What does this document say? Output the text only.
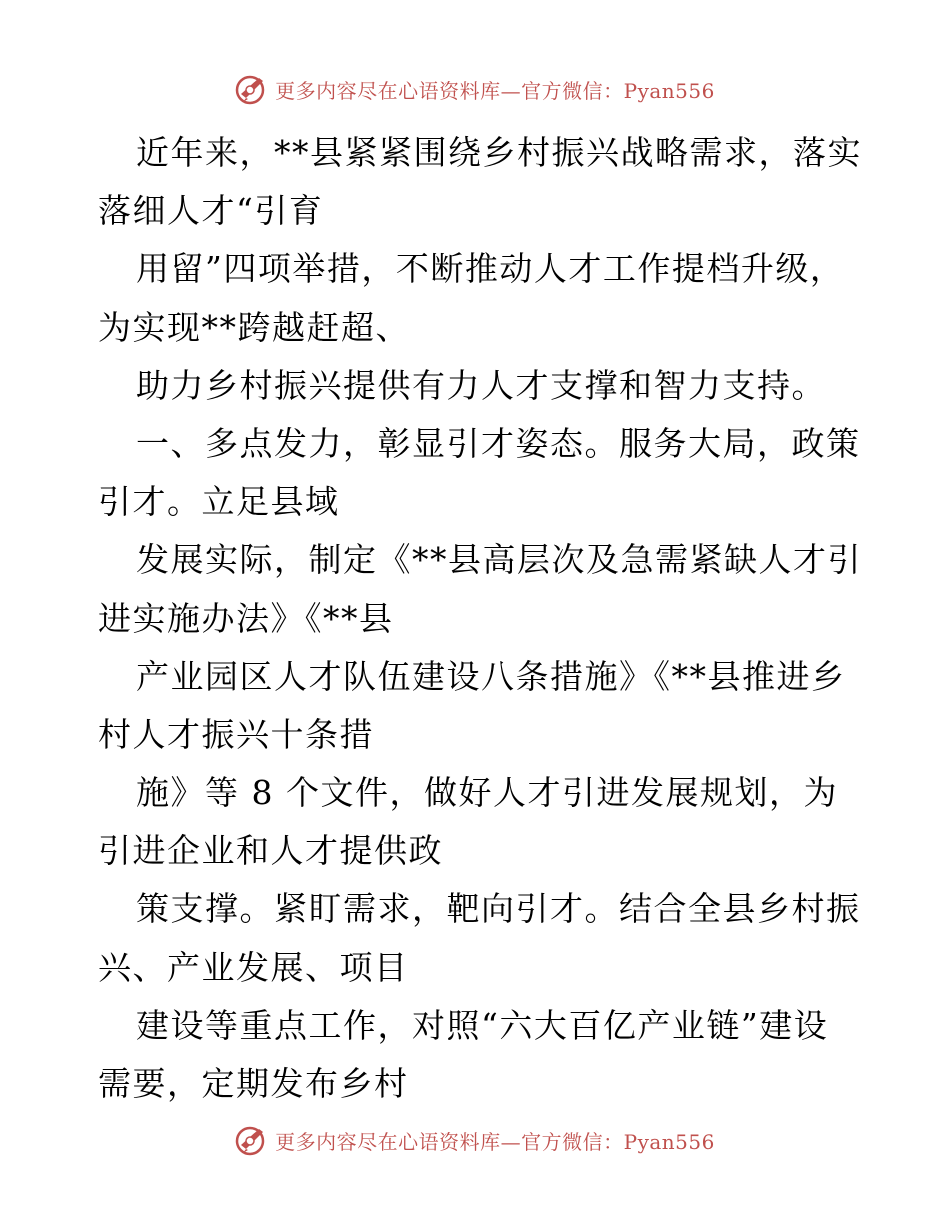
更多内容尽在心语资料库—官方微信：Pyan556
近年来，**县紧紧围绕乡村振兴战略需求，落实
落细人才“引育
用留”四项举措，不断推动人才工作提档升级，
为实现**跨越赶超、
助力乡村振兴提供有力人才支撑和智力支持。
一、多点发力，彰显引才姿态。服务大局，政策
引才。立足县域
发展实际，制定《**县高层次及急需紧缺人才引
进实施办法》《**县
产业园区人才队伍建设八条措施》《**县推进乡
村人才振兴十条措
施》等 8 个文件，做好人才引进发展规划，为
引进企业和人才提供政
策支撑。紧盯需求，靶向引才。结合全县乡村振
兴、产业发展、项目
建设等重点工作，对照“六大百亿产业链”建设
需要，定期发布乡村
更多内容尽在心语资料库—官方微信：Pyan556
